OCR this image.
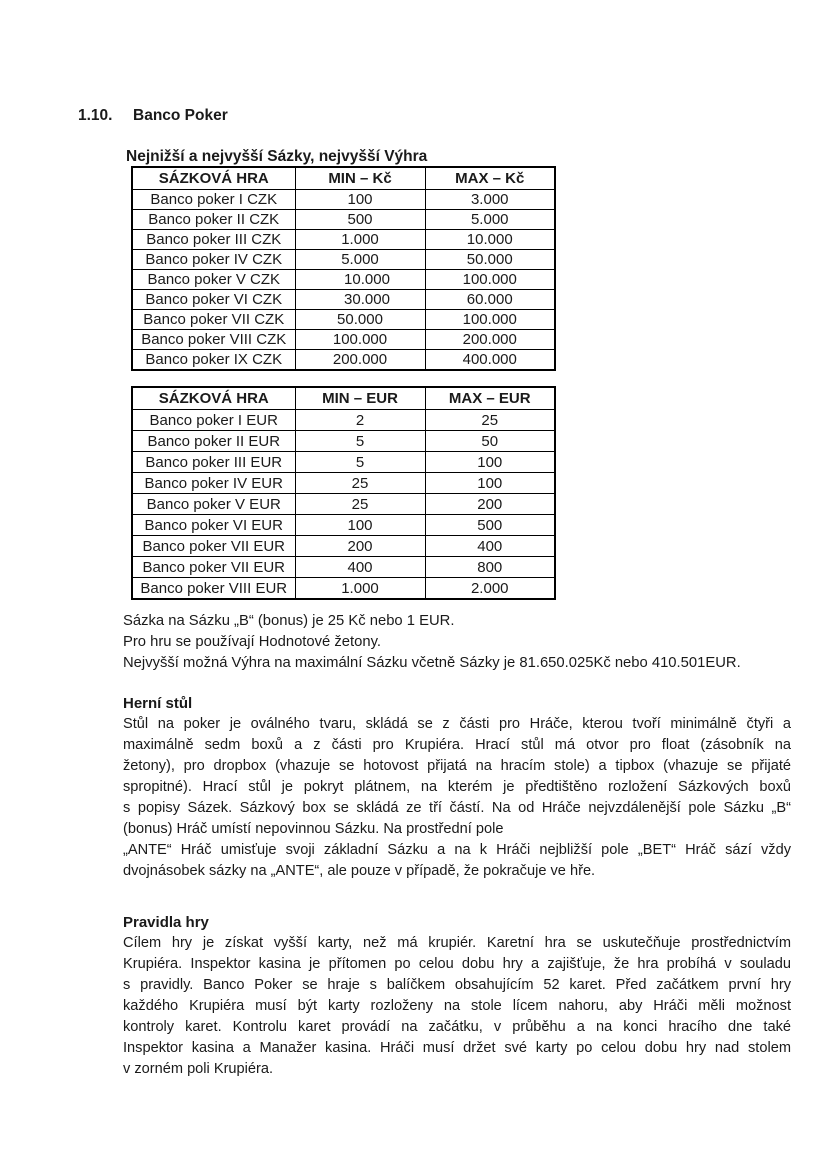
1.10. Banco Poker
Nejnižší a nejvyšší Sázky, nejvyšší Výhra
SÁZKOVÁ HRA	MIN – Kč	MAX – Kč
Banco poker I CZK	100	3.000
Banco poker II CZK	500	5.000
Banco poker III CZK	1.000	10.000
Banco poker IV CZK	5.000	50.000
Banco poker V CZK	10.000	100.000
Banco poker VI CZK	30.000	60.000
Banco poker VII CZK	50.000	100.000
Banco poker VIII CZK	100.000	200.000
Banco poker IX CZK	200.000	400.000
SÁZKOVÁ HRA	MIN – EUR	MAX – EUR
Banco poker I EUR	2	25
Banco poker II EUR	5	50
Banco poker III EUR	5	100
Banco poker IV EUR	25	100
Banco poker V EUR	25	200
Banco poker VI EUR	100	500
Banco poker VII EUR	200	400
Banco poker VII EUR	400	800
Banco poker VIII EUR	1.000	2.000
Sázka na Sázku „B“ (bonus) je 25 Kč nebo 1 EUR.
Pro hru se používají Hodnotové žetony.
Nejvyšší možná Výhra na maximální Sázku včetně Sázky je 81.650.025Kč nebo 410.501EUR.
Herní stůl
Stůl na poker je oválného tvaru, skládá se z části pro Hráče, kterou tvoří minimálně čtyři a
maximálně sedm boxů a z části pro Krupiéra. Hrací stůl má otvor pro float (zásobník na
žetony), pro dropbox (vhazuje se hotovost přijatá na hracím stole) a tipbox (vhazuje se přijaté
spropitné). Hrací stůl je pokryt plátnem, na kterém je předtištěno rozložení Sázkových boxů
s popisy Sázek. Sázkový box se skládá ze tří částí. Na od Hráče nejvzdálenější pole Sázku „B“
(bonus) Hráč umístí nepovinnou Sázku. Na prostřední pole
„ANTE“ Hráč umisťuje svoji základní Sázku a na k Hráči nejbližší pole „BET“ Hráč sází vždy
dvojnásobek sázky na „ANTE“, ale pouze v případě, že pokračuje ve hře.
Pravidla hry
Cílem hry je získat vyšší karty, než má krupiér. Karetní hra se uskutečňuje prostřednictvím
Krupiéra. Inspektor kasina je přítomen po celou dobu hry a zajišťuje, že hra probíhá v souladu
s pravidly. Banco Poker se hraje s balíčkem obsahujícím 52 karet. Před začátkem první hry
každého Krupiéra musí být karty rozloženy na stole lícem nahoru, aby Hráči měli možnost
kontroly karet. Kontrolu karet provádí na začátku, v průběhu a na konci hracího dne také
Inspektor kasina a Manažer kasina. Hráči musí držet své karty po celou dobu hry nad stolem
v zorném poli Krupiéra.
